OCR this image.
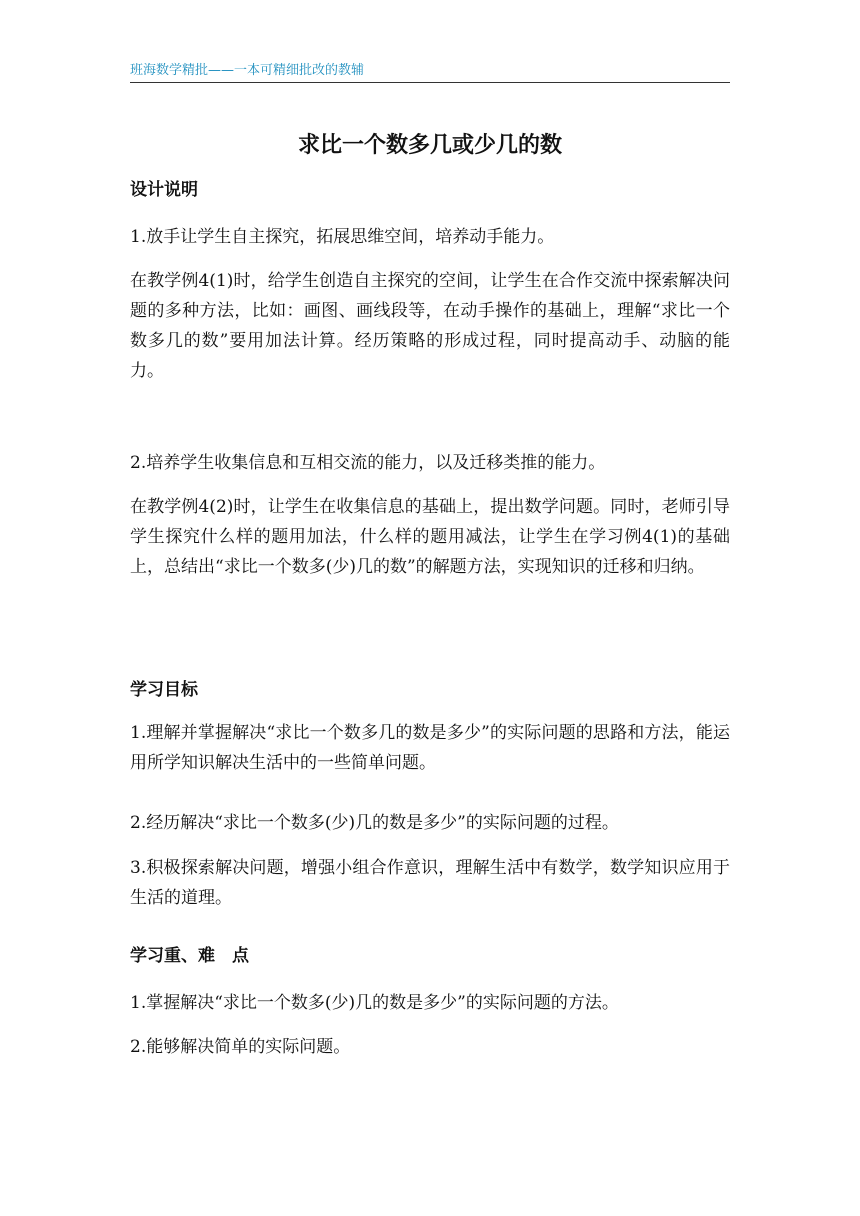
班海数学精批——一本可精细批改的教辅
求比一个数多几或少几的数
设计说明
1.放手让学生自主探究，拓展思维空间，培养动手能力。
在教学例4(1)时，给学生创造自主探究的空间，让学生在合作交流中探索解决问题的多种方法，比如：画图、画线段等，在动手操作的基础上，理解“求比一个数多几的数”要用加法计算。经历策略的形成过程，同时提高动手、动脑的能力。
2.培养学生收集信息和互相交流的能力，以及迁移类推的能力。
在教学例4(2)时，让学生在收集信息的基础上，提出数学问题。同时，老师引导学生探究什么样的题用加法，什么样的题用减法，让学生在学习例4(1)的基础上，总结出“求比一个数多(少)几的数”的解题方法，实现知识的迁移和归纳。
学习目标
1.理解并掌握解决“求比一个数多几的数是多少”的实际问题的思路和方法，能运用所学知识解决生活中的一些简单问题。
2.经历解决“求比一个数多(少)几的数是多少”的实际问题的过程。
3.积极探索解决问题，增强小组合作意识，理解生活中有数学，数学知识应用于生活的道理。
学习重、难　点
1.掌握解决“求比一个数多(少)几的数是多少”的实际问题的方法。
2.能够解决简单的实际问题。
